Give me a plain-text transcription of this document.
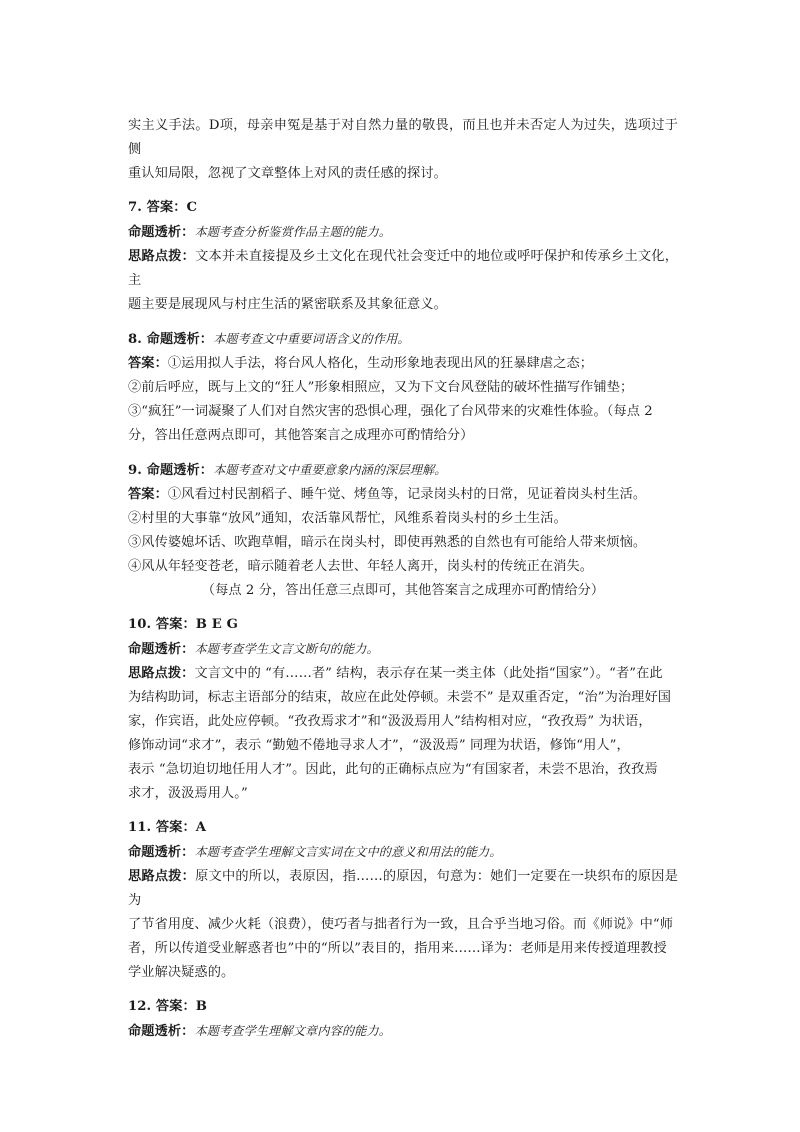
实主义手法。D项，母亲申冤是基于对自然力量的敬畏，而且也并未否定人为过失，选项过于侧

重认知局限，忽视了文章整体上对风的责任感的探讨。

7. 答案：C

命题透析：本题考查分析鉴赏作品主题的能力。

思路点拨：文本并未直接提及乡土文化在现代社会变迁中的地位或呼吁保护和传承乡土文化，主

题主要是展现风与村庄生活的紧密联系及其象征意义。

8. 命题透析：本题考查文中重要词语含义的作用。

答案：①运用拟人手法，将台风人格化，生动形象地表现出风的狂暴肆虐之态；

②前后呼应，既与上文的“狂人”形象相照应，又为下文台风登陆的破坏性描写作铺垫；

③“疯狂”一词凝聚了人们对自然灾害的恐惧心理，强化了台风带来的灾难性体验。（每点 2

分，答出任意两点即可，其他答案言之成理亦可酌情给分）

9. 命题透析：本题考查对文中重要意象内涵的深层理解。

答案：①风看过村民割稻子、睡午觉、烤鱼等，记录岗头村的日常，见证着岗头村生活。

②村里的大事靠“放风”通知，农活靠风帮忙，风维系着岗头村的乡土生活。

③风传婆媳坏话、吹跑草帽，暗示在岗头村，即使再熟悉的自然也有可能给人带来烦恼。

④风从年轻变苍老，暗示随着老人去世、年轻人离开，岗头村的传统正在消失。

（每点 2 分，答出任意三点即可，其他答案言之成理亦可酌情给分）

10. 答案：B E G

命题透析：本题考查学生文言文断句的能力。

思路点拨：文言文中的 “有……者” 结构，表示存在某一类主体（此处指“国家”）。“者”在此

为结构助词，标志主语部分的结束，故应在此处停顿。未尝不” 是双重否定，“治”为治理好国

家，作宾语，此处应停顿。“孜孜焉求才”和“汲汲焉用人”结构相对应，“孜孜焉” 为状语，

修饰动词“求才”，表示 “勤勉不倦地寻求人才”，“汲汲焉” 同理为状语，修饰“用人”，

表示 “急切迫切地任用人才”。因此，此句的正确标点应为“有国家者，未尝不思治，孜孜焉

求才，汲汲焉用人。”

11. 答案：A

命题透析：本题考查学生理解文言实词在文中的意义和用法的能力。

思路点拨：原文中的所以，表原因，指……的原因，句意为：她们一定要在一块织布的原因是为

了节省用度、减少火耗（浪费），使巧者与拙者行为一致，且合乎当地习俗。而《师说》中“师

者，所以传道受业解惑者也”中的“所以”表目的，指用来……译为：老师是用来传授道理教授

学业解决疑惑的。

12. 答案：B

命题透析：本题考查学生理解文章内容的能力。
